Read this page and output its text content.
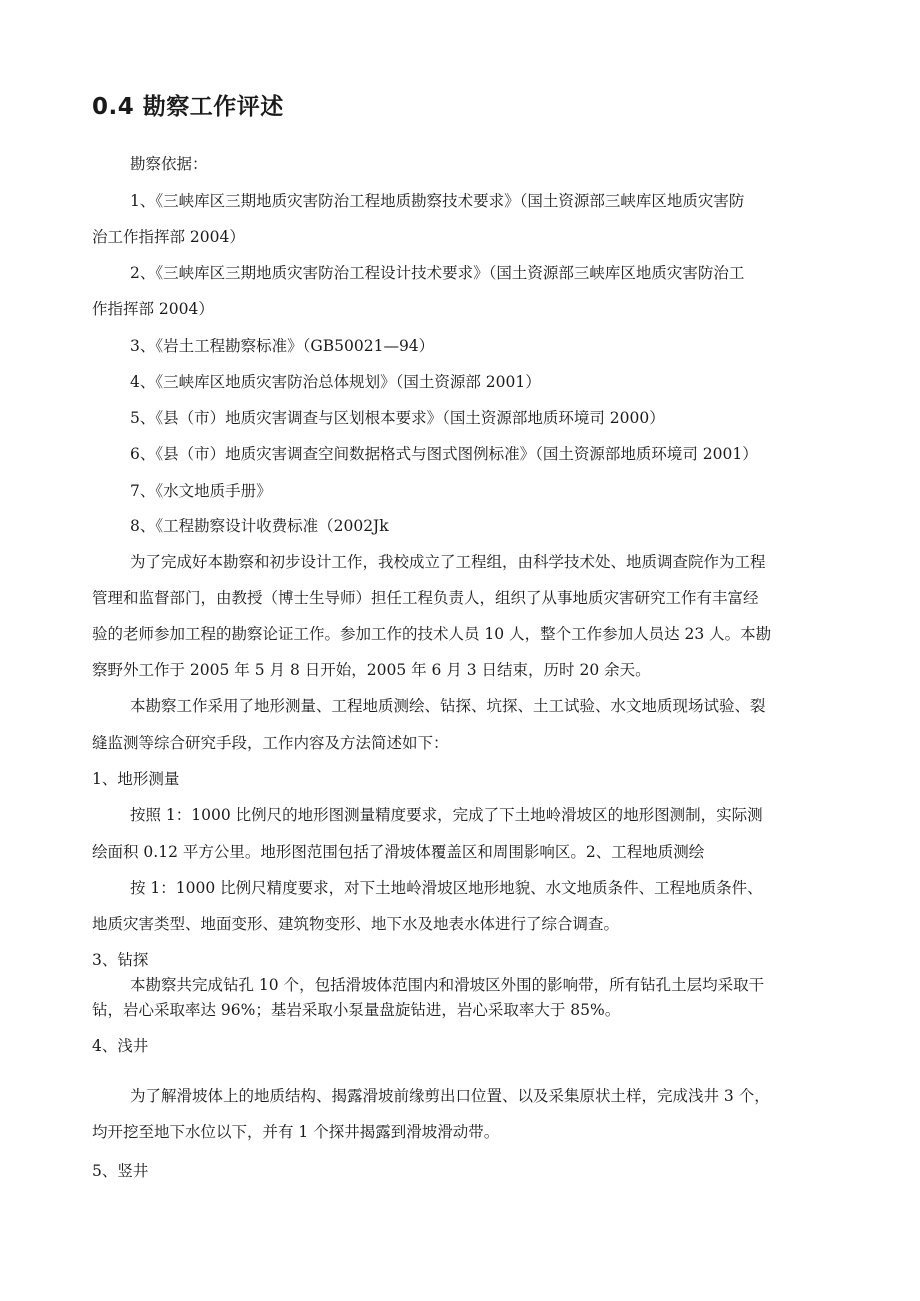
0.4 勘察工作评述
勘察依据：
1、《三峡库区三期地质灾害防治工程地质勘察技术要求》（国土资源部三峡库区地质灾害防
治工作指挥部 2004）
2、《三峡库区三期地质灾害防治工程设计技术要求》（国土资源部三峡库区地质灾害防治工
作指挥部 2004）
3、《岩土工程勘察标准》（GB50021—94）
4、《三峡库区地质灾害防治总体规划》（国土资源部 2001）
5、《县（市）地质灾害调查与区划根本要求》（国土资源部地质环境司 2000）
6、《县（市）地质灾害调查空间数据格式与图式图例标准》（国土资源部地质环境司 2001）
7、《水文地质手册》
8、《工程勘察设计收费标准（2002Jk
为了完成好本勘察和初步设计工作，我校成立了工程组，由科学技术处、地质调查院作为工程
管理和监督部门，由教授（博士生导师）担任工程负责人，组织了从事地质灾害研究工作有丰富经
验的老师参加工程的勘察论证工作。参加工作的技术人员 10 人，整个工作参加人员达 23 人。本勘
察野外工作于 2005 年 5 月 8 日开始，2005 年 6 月 3 日结束，历时 20 余天。
本勘察工作采用了地形测量、工程地质测绘、钻探、坑探、土工试验、水文地质现场试验、裂
缝监测等综合研究手段，工作内容及方法简述如下：
1、地形测量
按照 1：1000 比例尺的地形图测量精度要求，完成了下土地岭滑坡区的地形图测制，实际测
绘面积 0.12 平方公里。地形图范围包括了滑坡体覆盖区和周围影响区。2、工程地质测绘
按 1：1000 比例尺精度要求，对下土地岭滑坡区地形地貌、水文地质条件、工程地质条件、
地质灾害类型、地面变形、建筑物变形、地下水及地表水体进行了综合调查。
3、钻探
本勘察共完成钻孔 10 个，包括滑坡体范围内和滑坡区外围的影响带，所有钻孔土层均采取干
钻，岩心采取率达 96%；基岩采取小泵量盘旋钻进，岩心采取率大于 85%。
4、浅井
为了解滑坡体上的地质结构、揭露滑坡前缘剪出口位置、以及采集原状土样，完成浅井 3 个，
均开挖至地下水位以下，并有 1 个探井揭露到滑坡滑动带。
5、竖井
